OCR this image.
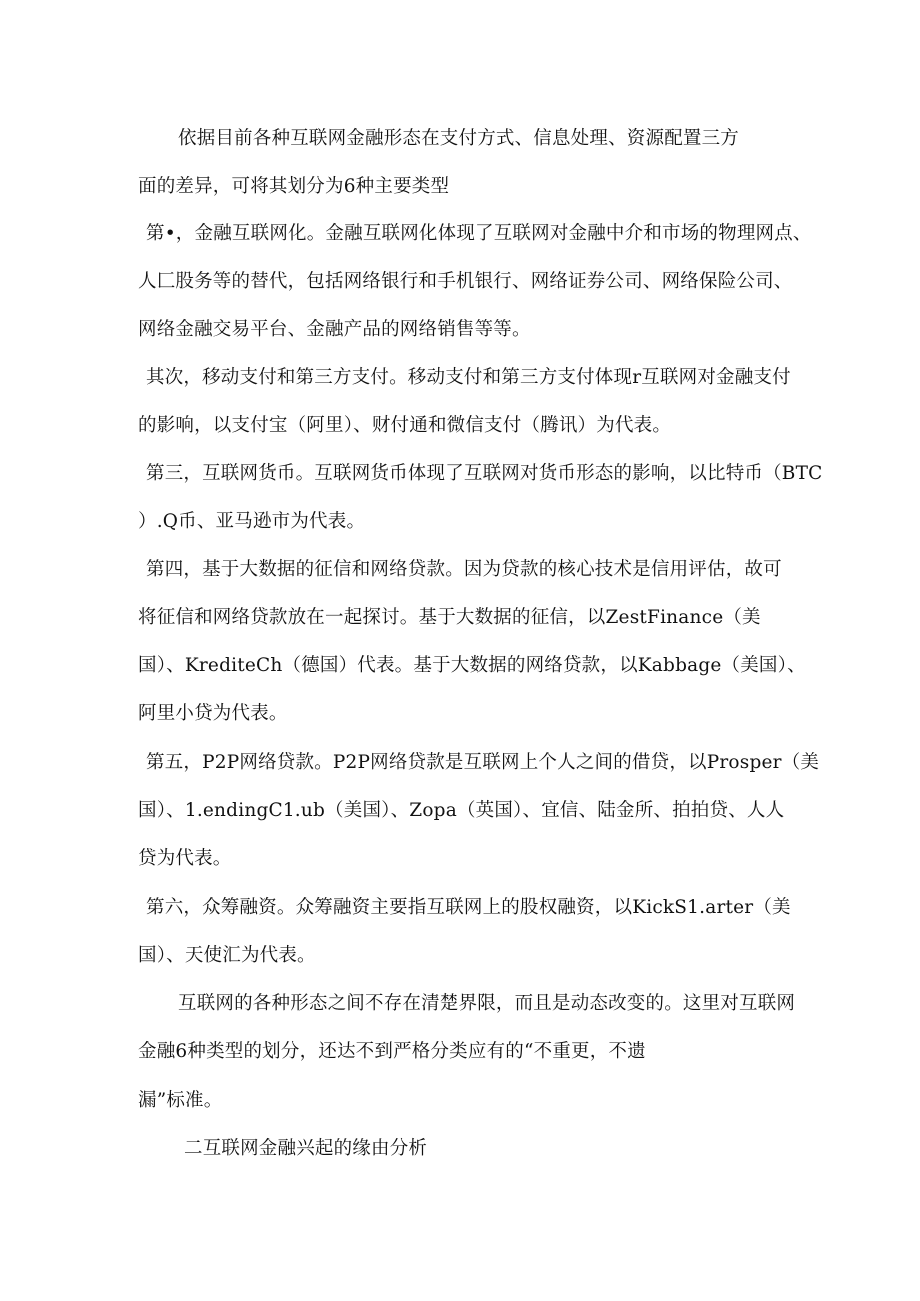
依据目前各种互联网金融形态在支付方式、信息处理、资源配置三方
面的差异，可将其划分为6种主要类型
第•，金融互联网化。金融互联网化体现了互联网对金融中介和市场的物理网点、
人匚股务等的替代，包括网络银行和手机银行、网络证券公司、网络保险公司、
网络金融交易平台、金融产品的网络销售等等。
其次，移动支付和第三方支付。移动支付和第三方支付体现r互联网对金融支付
的影响，以支付宝（阿里）、财付通和微信支付（腾讯）为代表。
第三，互联网货币。互联网货币体现了互联网对货币形态的影响，以比特币（BTC
）.Q币、亚马逊市为代表。
第四，基于大数据的征信和网络贷款。因为贷款的核心技术是信用评估，故可
将征信和网络贷款放在一起探讨。基于大数据的征信，以ZestFinance（美
国）、KrediteCh（德国）代表。基于大数据的网络贷款，以Kabbage（美国）、
阿里小贷为代表。
第五，P2P网络贷款。P2P网络贷款是互联网上个人之间的借贷，以Prosper（美
国）、1.endingC1.ub（美国）、Zopa（英国）、宜信、陆金所、拍拍贷、人人
贷为代表。
第六，众筹融资。众筹融资主要指互联网上的股权融资，以KickS1.arter（美
国）、天使汇为代表。
互联网的各种形态之间不存在清楚界限，而且是动态改变的。这里对互联网
金融6种类型的划分，还达不到严格分类应有的“不重更，不遗
漏”标准。
二互联网金融兴起的缘由分析
